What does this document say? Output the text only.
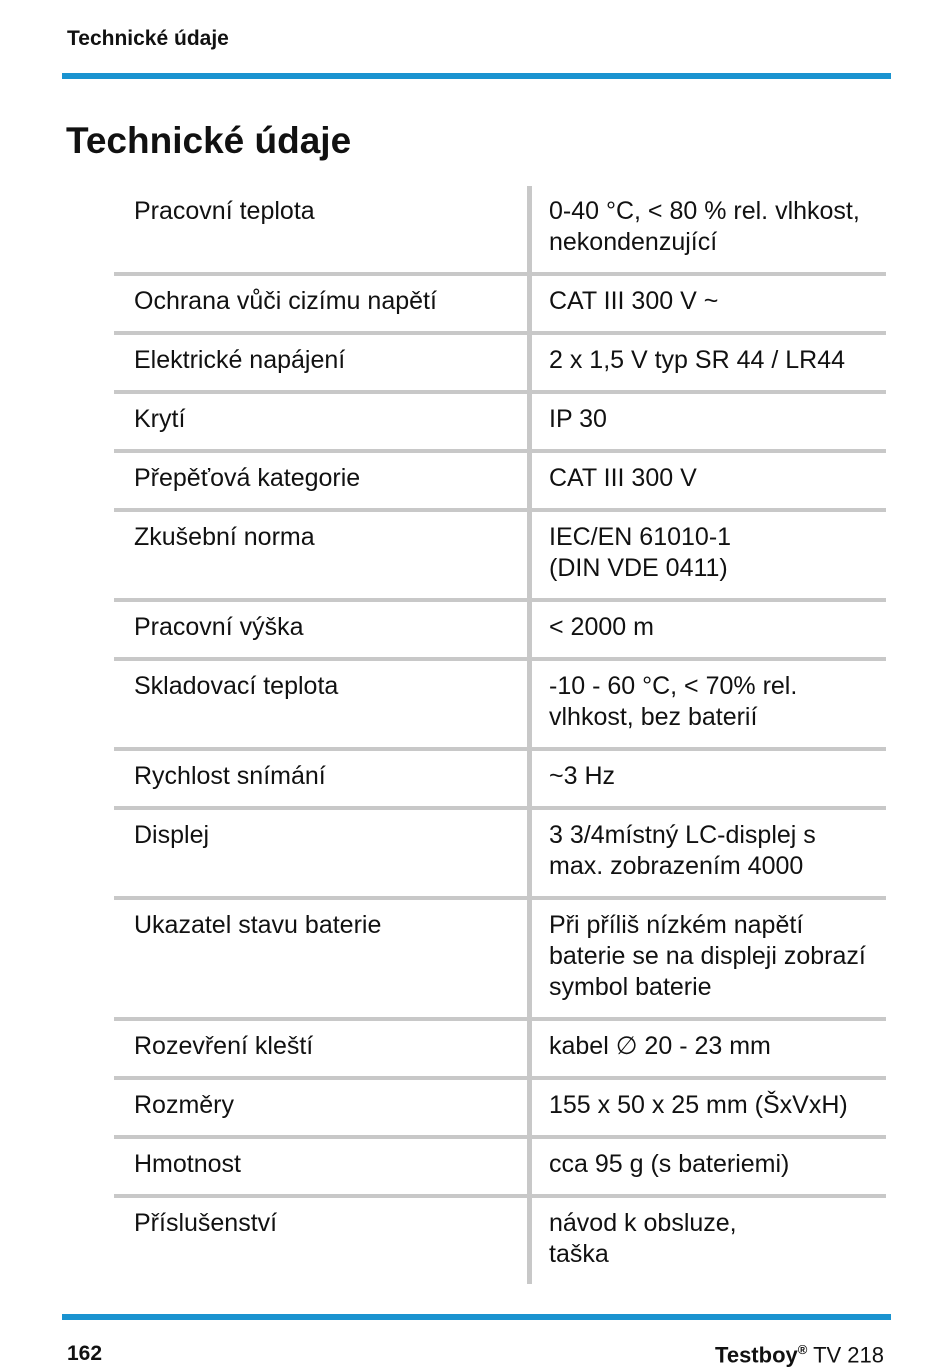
Technické údaje
Technické údaje
Pracovní teplota	0-40 °C, < 80 % rel. vlhkost,
nekondenzující

Ochrana vůči cizímu napětí	CAT III 300 V ~

Elektrické napájení	2 x 1,5 V typ SR 44 / LR44

Krytí	IP 30

Přepěťová kategorie	CAT III 300 V

Zkušební norma	IEC/EN 61010-1
(DIN VDE 0411)

Pracovní výška	< 2000 m

Skladovací teplota	-10 - 60 °C, < 70% rel.
vlhkost, bez baterií

Rychlost snímání	~3 Hz

Displej	3 3/4místný LC-displej s
max. zobrazením 4000

Ukazatel stavu baterie	Při příliš nízkém napětí
baterie se na displeji zobrazí
symbol baterie

Rozevření kleští	kabel ∅ 20 - 23 mm

Rozměry	155 x 50 x 25 mm (ŠxVxH)

Hmotnost	cca 95 g (s bateriemi)

Příslušenství	návod k obsluze,
taška
162	Testboy® TV 218
